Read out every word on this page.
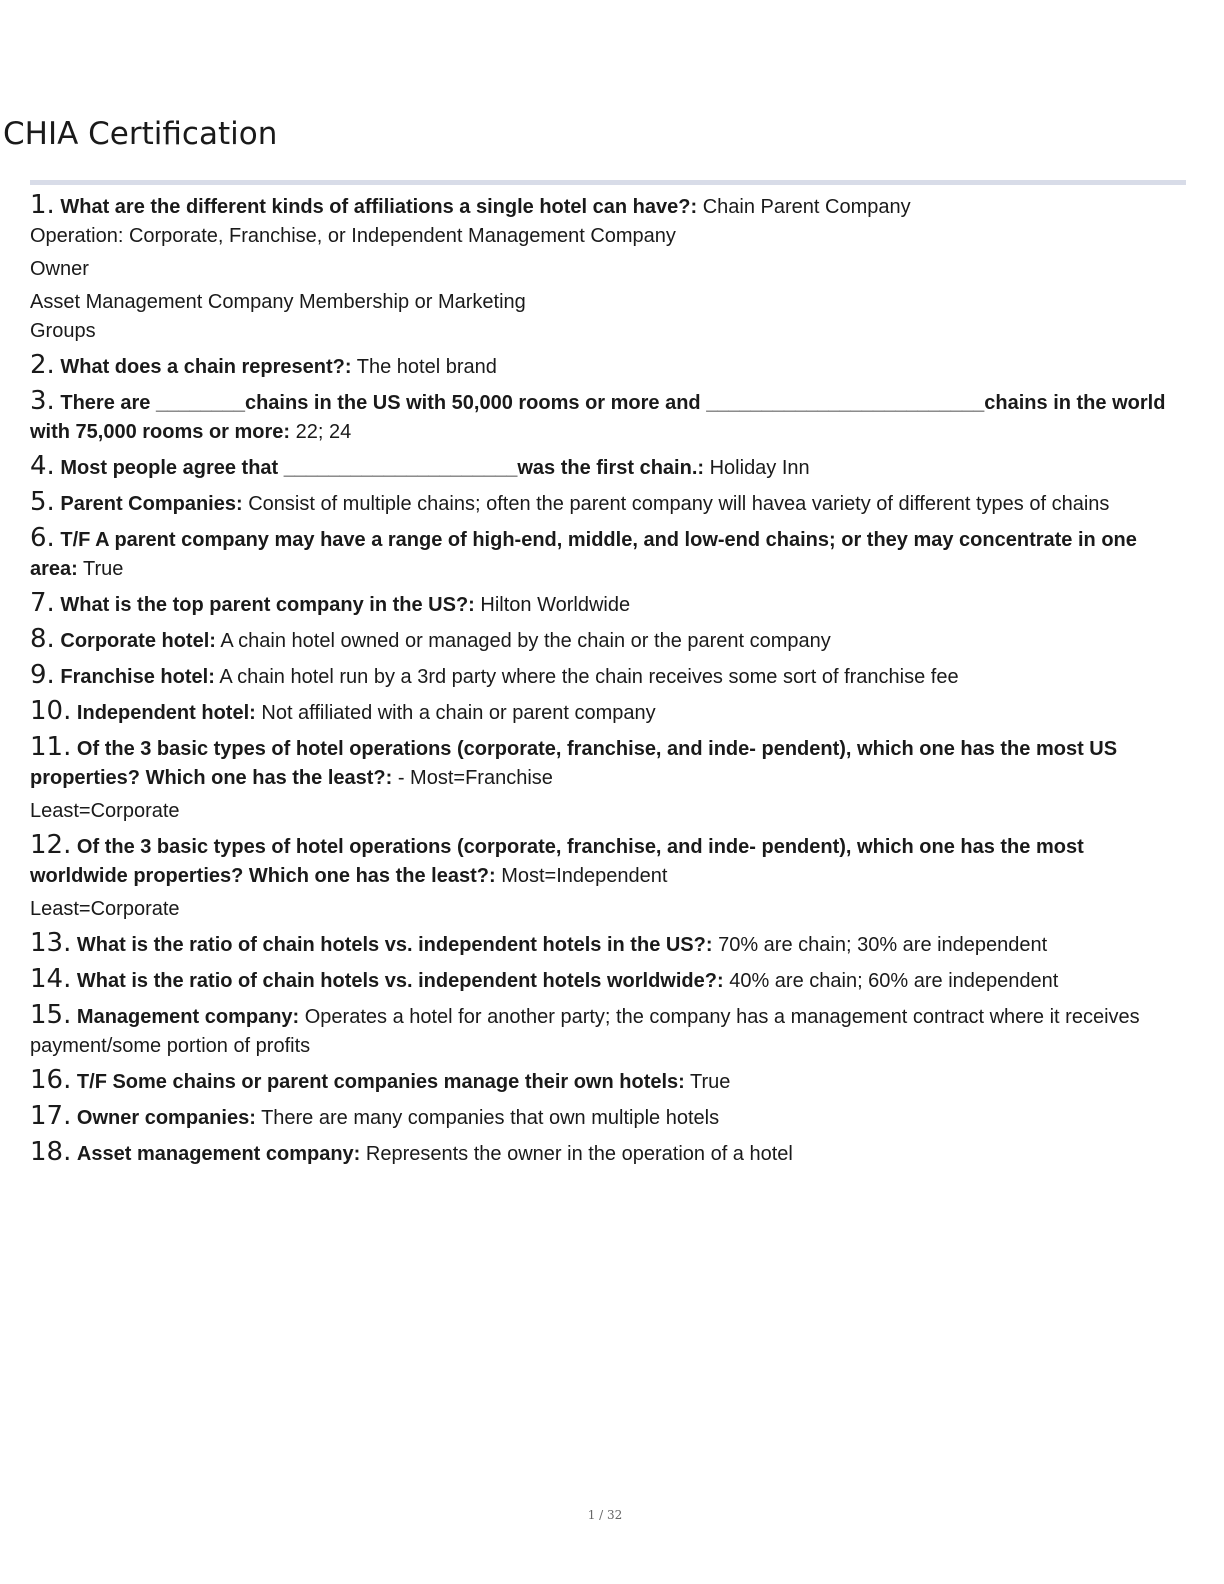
CHIA Certification

1. What are the different kinds of affiliations a single hotel can have?: Chain Parent Company

Operation: Corporate, Franchise, or Independent Management Company

Owner

Asset Management Company Membership or Marketing

Groups

2. What does a chain represent?: The hotel brand

3. There are ________chains in the US with 50,000 rooms or more and _________________________chains in the world with 75,000 rooms or more: 22; 24

4. Most people agree that _____________________was the first chain.: Holiday Inn

5. Parent Companies: Consist of multiple chains; often the parent company will havea variety of different types of chains

6. T/F A parent company may have a range of high-end, middle, and low-end chains; or they may concentrate in one area: True

7. What is the top parent company in the US?: Hilton Worldwide

8. Corporate hotel: A chain hotel owned or managed by the chain or the parent company

9. Franchise hotel: A chain hotel run by a 3rd party where the chain receives some sort of franchise fee

10. Independent hotel: Not affiliated with a chain or parent company

11. Of the 3 basic types of hotel operations (corporate, franchise, and inde- pendent), which one has the most US properties? Which one has the least?: - Most=Franchise

Least=Corporate

12. Of the 3 basic types of hotel operations (corporate, franchise, and inde- pendent), which one has the most worldwide properties? Which one has the least?: Most=Independent

Least=Corporate

13. What is the ratio of chain hotels vs. independent hotels in the US?: 70% are chain; 30% are independent

14. What is the ratio of chain hotels vs. independent hotels worldwide?: 40% are chain; 60% are independent

15. Management company: Operates a hotel for another party; the company has a management contract where it receives payment/some portion of profits

16. T/F Some chains or parent companies manage their own hotels: True

17. Owner companies: There are many companies that own multiple hotels

18. Asset management company: Represents the owner in the operation of a hotel

1 / 32
